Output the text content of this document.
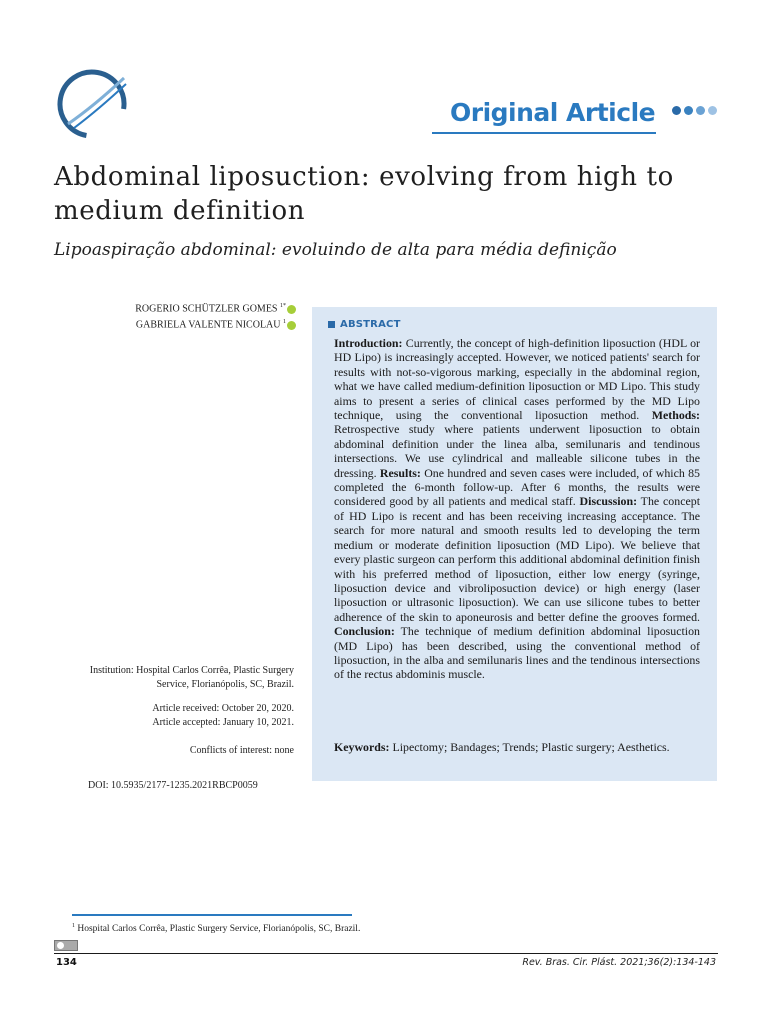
Original Article
Abdominal liposuction: evolving from high to medium definition
Lipoaspiração abdominal: evoluindo de alta para média definição
ROGERIO SCHÜTZLER GOMES $^{1*}$
GABRIELA VALENTE NICOLAU $^1$
Institution: Hospital Carlos Corrêa, Plastic Surgery Service, Florianópolis, SC, Brazil.
Article received: October 20, 2020.
Article accepted: January 10, 2021.
Conflicts of interest: none
DOI: 10.5935/2177-1235.2021RBCP0059
ABSTRACT
Introduction: Currently, the concept of high-definition liposuction (HDL or HD Lipo) is increasingly accepted. However, we noticed patients' search for results with not-so-vigorous marking, especially in the abdominal region, what we have called medium-definition liposuction or MD Lipo. This study aims to present a series of clinical cases performed by the MD Lipo technique, using the conventional liposuction method. Methods: Retrospective study where patients underwent liposuction to obtain abdominal definition under the linea alba, semilunaris and tendinous intersections. We use cylindrical and malleable silicone tubes in the dressing. Results: One hundred and seven cases were included, of which 85 completed the 6-month follow-up. After 6 months, the results were considered good by all patients and medical staff. Discussion: The concept of HD Lipo is recent and has been receiving increasing acceptance. The search for more natural and smooth results led to developing the term medium or moderate definition liposuction (MD Lipo). We believe that every plastic surgeon can perform this additional abdominal definition finish with his preferred method of liposuction, either low energy (syringe, liposuction device and vibroliposuction device) or high energy (laser liposuction or ultrasonic liposuction). We can use silicone tubes to better adherence of the skin to aponeurosis and better define the grooves formed. Conclusion: The technique of medium definition abdominal liposuction (MD Lipo) has been described, using the conventional method of liposuction, in the alba and semilunaris lines and the tendinous intersections of the rectus abdominis muscle.
Keywords: Lipectomy; Bandages; Trends; Plastic surgery; Aesthetics.
$^1$ Hospital Carlos Corrêa, Plastic Surgery Service, Florianópolis, SC, Brazil.
134	Rev. Bras. Cir. Plást. 2021;36(2):134-143
